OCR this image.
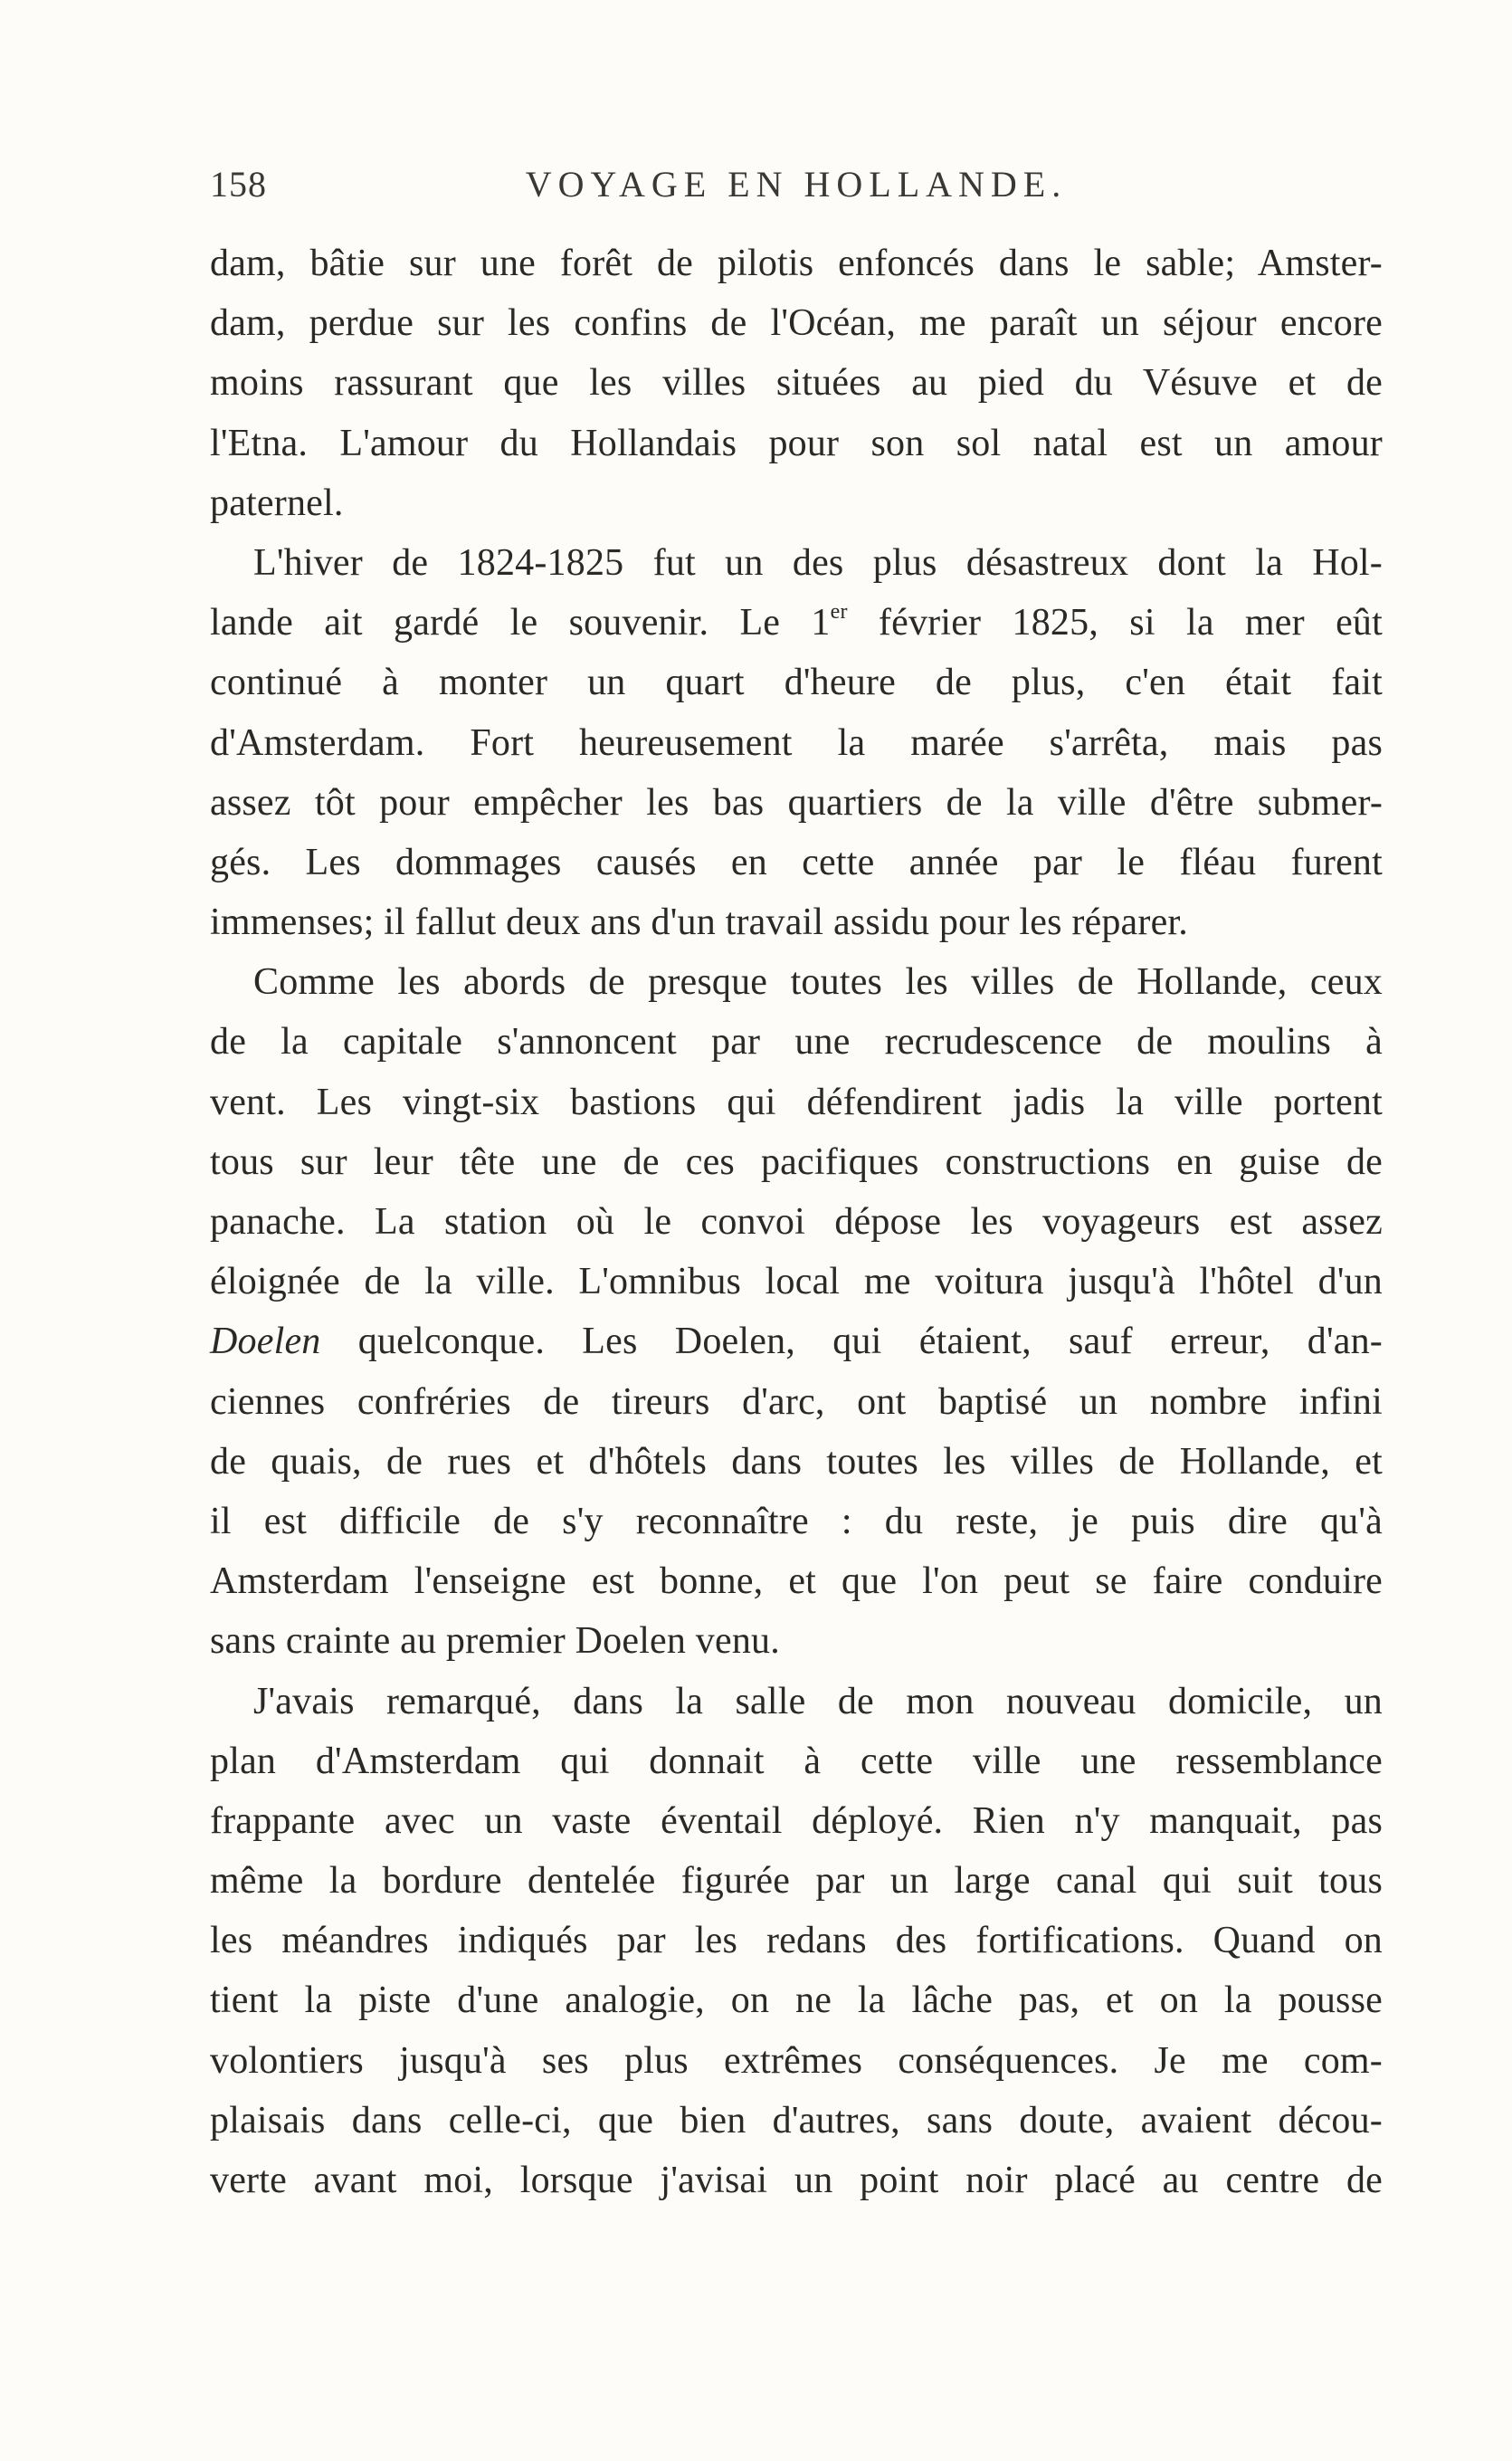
158	VOYAGE EN HOLLANDE.
dam, bâtie sur une forêt de pilotis enfoncés dans le sable; Amster-
dam, perdue sur les confins de l'Océan, me paraît un séjour encore
moins rassurant que les villes situées au pied du Vésuve et de
l'Etna. L'amour du Hollandais pour son sol natal est un amour
paternel.
L'hiver de 1824-1825 fut un des plus désastreux dont la Hol-
lande ait gardé le souvenir. Le 1er février 1825, si la mer eût
continué à monter un quart d'heure de plus, c'en était fait
d'Amsterdam. Fort heureusement la marée s'arrêta, mais pas
assez tôt pour empêcher les bas quartiers de la ville d'être submer-
gés. Les dommages causés en cette année par le fléau furent
immenses; il fallut deux ans d'un travail assidu pour les réparer.
Comme les abords de presque toutes les villes de Hollande, ceux
de la capitale s'annoncent par une recrudescence de moulins à
vent. Les vingt-six bastions qui défendirent jadis la ville portent
tous sur leur tête une de ces pacifiques constructions en guise de
panache. La station où le convoi dépose les voyageurs est assez
éloignée de la ville. L'omnibus local me voitura jusqu'à l'hôtel d'un
Doelen quelconque. Les Doelen, qui étaient, sauf erreur, d'an-
ciennes confréries de tireurs d'arc, ont baptisé un nombre infini
de quais, de rues et d'hôtels dans toutes les villes de Hollande, et
il est difficile de s'y reconnaître : du reste, je puis dire qu'à
Amsterdam l'enseigne est bonne, et que l'on peut se faire conduire
sans crainte au premier Doelen venu.
J'avais remarqué, dans la salle de mon nouveau domicile, un
plan d'Amsterdam qui donnait à cette ville une ressemblance
frappante avec un vaste éventail déployé. Rien n'y manquait, pas
même la bordure dentelée figurée par un large canal qui suit tous
les méandres indiqués par les redans des fortifications. Quand on
tient la piste d'une analogie, on ne la lâche pas, et on la pousse
volontiers jusqu'à ses plus extrêmes conséquences. Je me com-
plaisais dans celle-ci, que bien d'autres, sans doute, avaient décou-
verte avant moi, lorsque j'avisai un point noir placé au centre de
